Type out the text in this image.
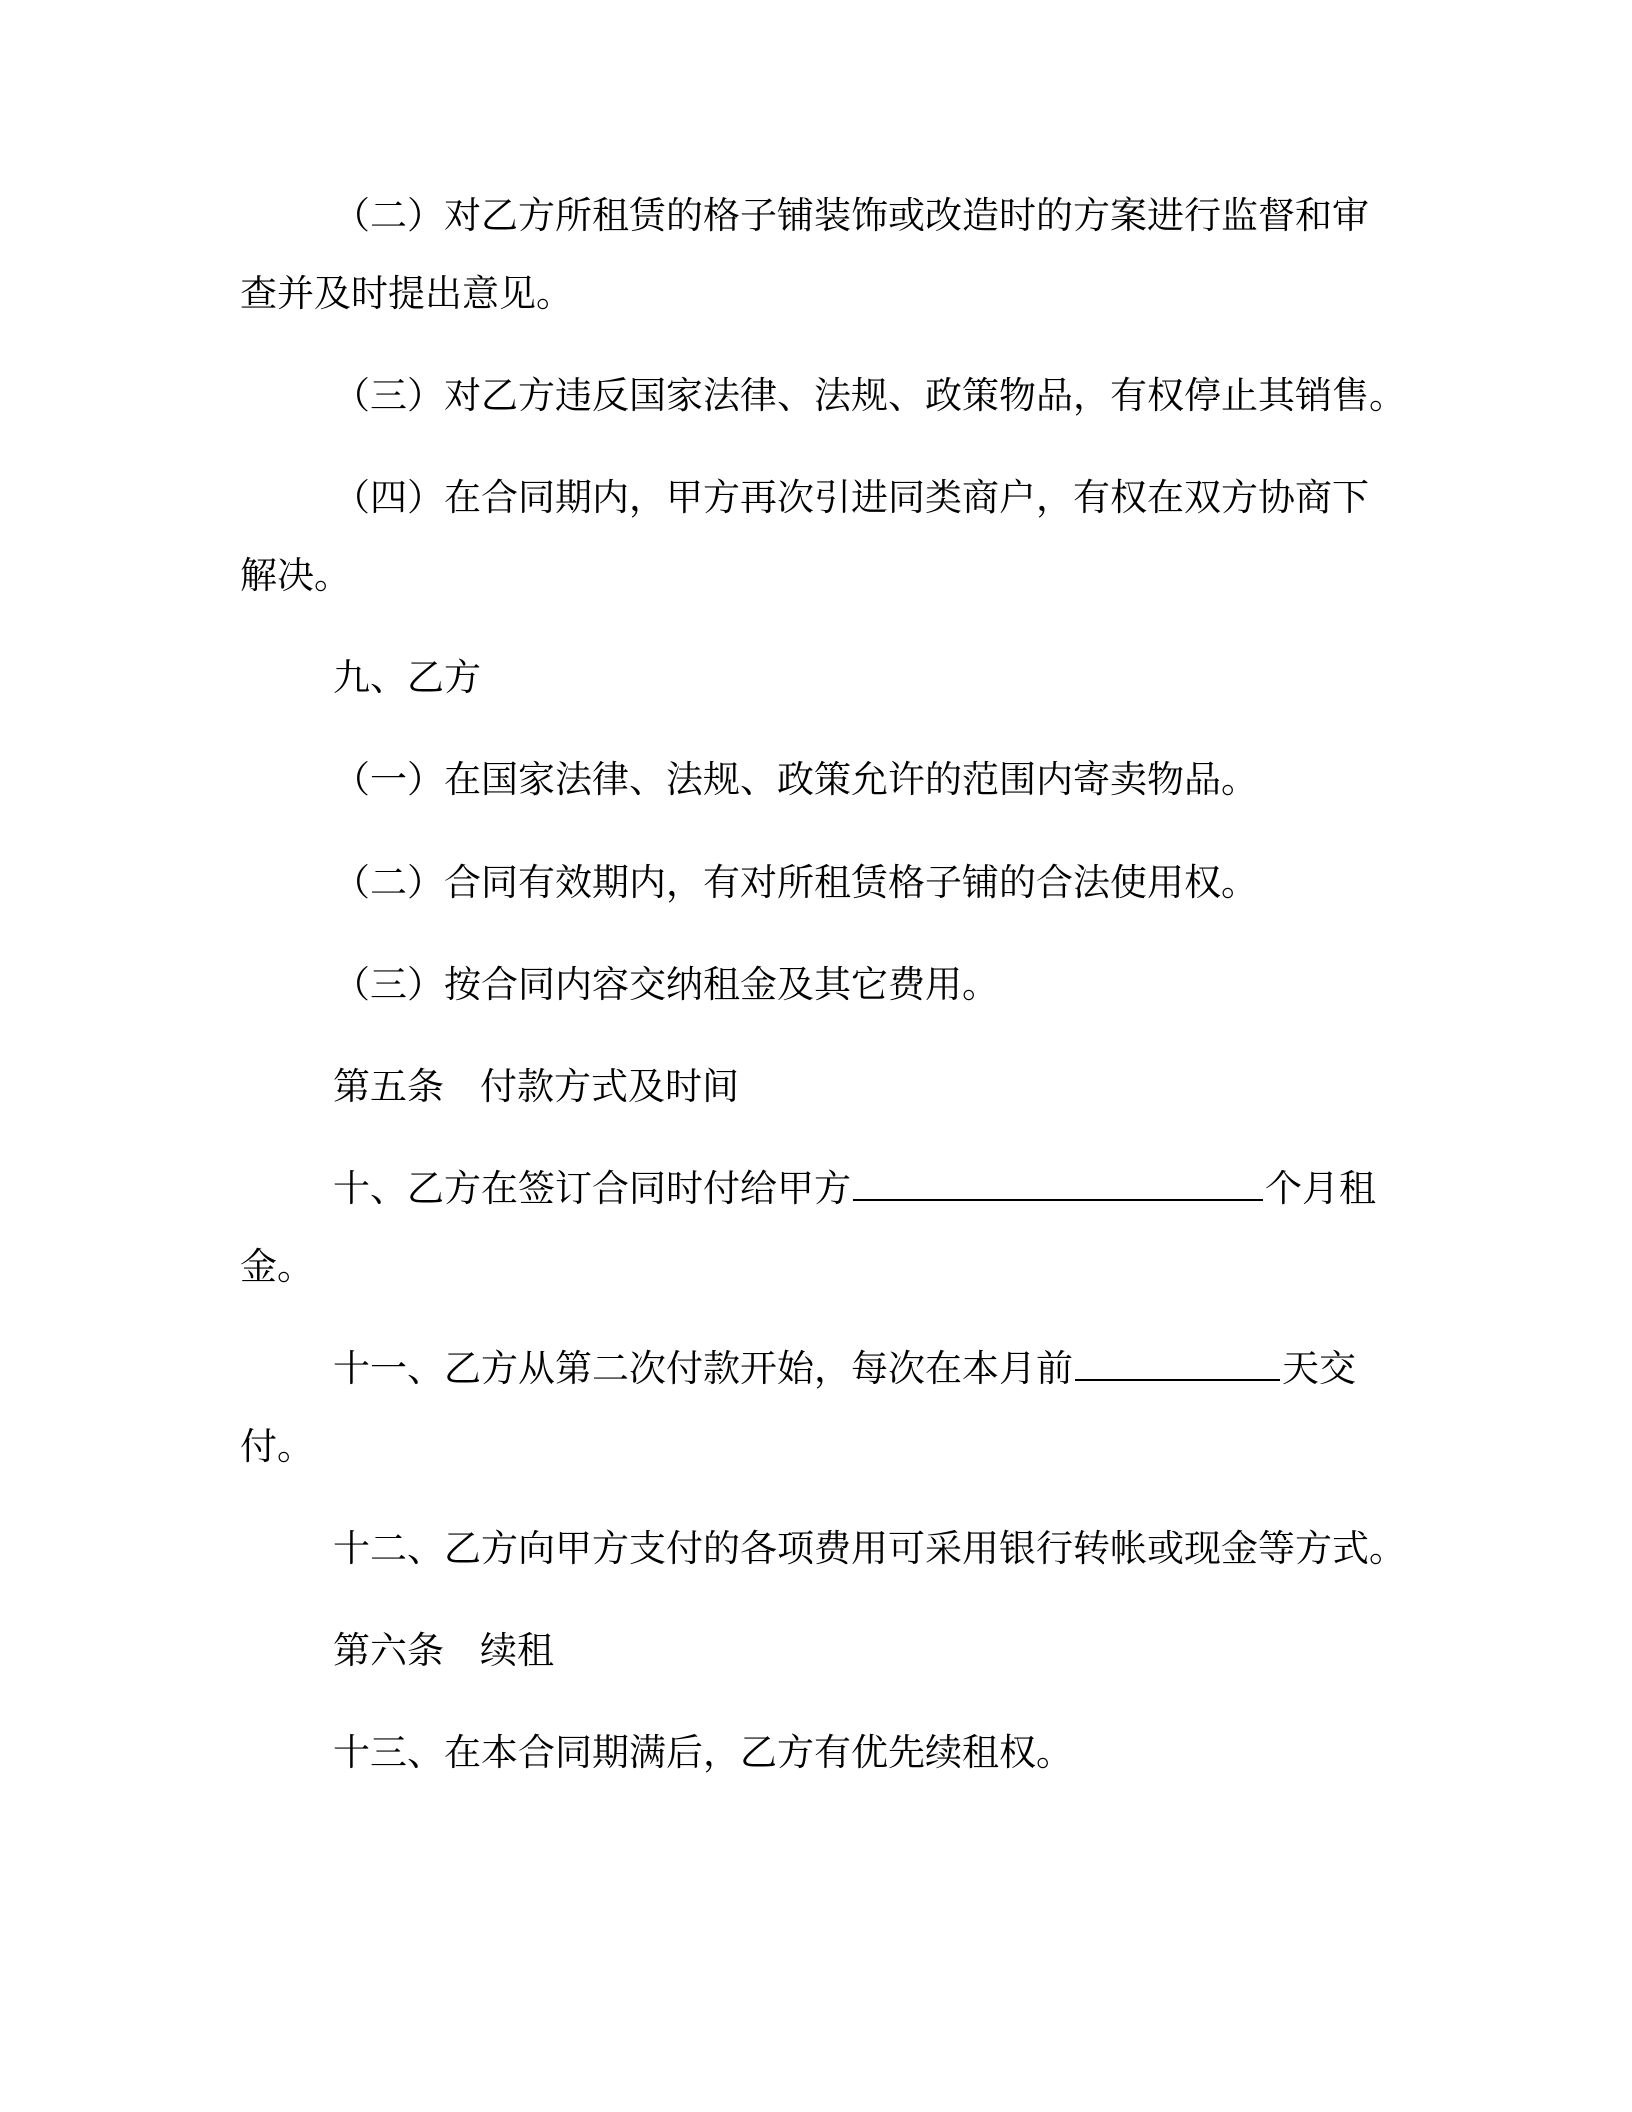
（二）对乙方所租赁的格子铺装饰或改造时的方案进行监督和审
查并及时提出意见。
（三）对乙方违反国家法律、法规、政策物品，有权停止其销售。
（四）在合同期内，甲方再次引进同类商户，有权在双方协商下
解决。
九、乙方
（一）在国家法律、法规、政策允许的范围内寄卖物品。
（二）合同有效期内，有对所租赁格子铺的合法使用权。
（三）按合同内容交纳租金及其它费用。
第五条 付款方式及时间
十、乙方在签订合同时付给甲方	个月租
金。
十一、乙方从第二次付款开始，每次在本月前	天交
付。
十二、乙方向甲方支付的各项费用可采用银行转帐或现金等方式。
第六条 续租
十三、在本合同期满后，乙方有优先续租权。
